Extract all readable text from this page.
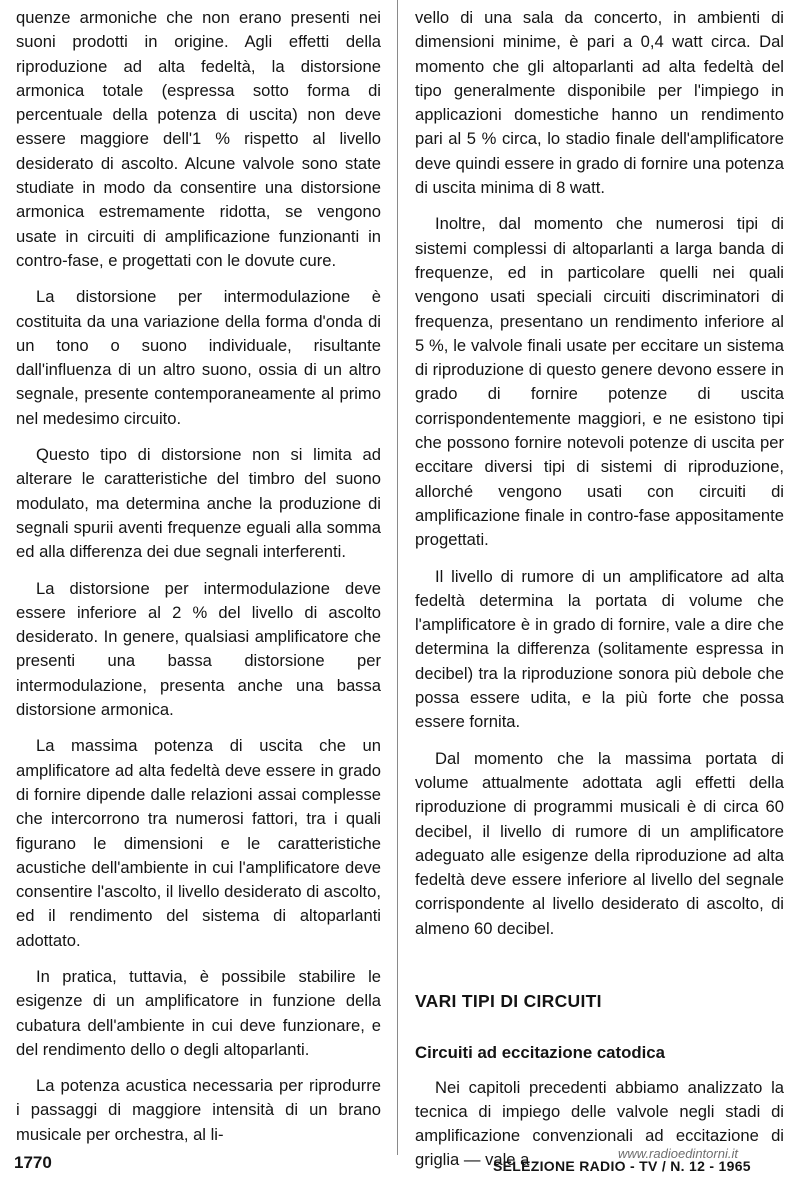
quenze armoniche che non erano presenti nei suoni prodotti in origine. Agli effetti della riproduzione ad alta fedeltà, la distorsione armonica totale (espressa sotto forma di percentuale della potenza di uscita) non deve essere maggiore dell'1 % rispetto al livello desiderato di ascolto. Alcune valvole sono state studiate in modo da consentire una distorsione armonica estremamente ridotta, se vengono usate in circuiti di amplificazione funzionanti in contro-fase, e progettati con le dovute cure.

La distorsione per intermodulazione è costituita da una variazione della forma d'onda di un tono o suono individuale, risultante dall'influenza di un altro suono, ossia di un altro segnale, presente contemporaneamente al primo nel medesimo circuito.

Questo tipo di distorsione non si limita ad alterare le caratteristiche del timbro del suono modulato, ma determina anche la produzione di segnali spurii aventi frequenze eguali alla somma ed alla differenza dei due segnali interferenti.

La distorsione per intermodulazione deve essere inferiore al 2 % del livello di ascolto desiderato. In genere, qualsiasi amplificatore che presenti una bassa distorsione per intermodulazione, presenta anche una bassa distorsione armonica.

La massima potenza di uscita che un amplificatore ad alta fedeltà deve essere in grado di fornire dipende dalle relazioni assai complesse che intercorrono tra numerosi fattori, tra i quali figurano le dimensioni e le caratteristiche acustiche dell'ambiente in cui l'amplificatore deve consentire l'ascolto, il livello desiderato di ascolto, ed il rendimento del sistema di altoparlanti adottato.

In pratica, tuttavia, è possibile stabilire le esigenze di un amplificatore in funzione della cubatura dell'ambiente in cui deve funzionare, e del rendimento dello o degli altoparlanti.

La potenza acustica necessaria per riprodurre i passaggi di maggiore intensità di un brano musicale per orchestra, al li-

vello di una sala da concerto, in ambienti di dimensioni minime, è pari a 0,4 watt circa. Dal momento che gli altoparlanti ad alta fedeltà del tipo generalmente disponibile per l'impiego in applicazioni domestiche hanno un rendimento pari al 5 % circa, lo stadio finale dell'amplificatore deve quindi essere in grado di fornire una potenza di uscita minima di 8 watt.

Inoltre, dal momento che numerosi tipi di sistemi complessi di altoparlanti a larga banda di frequenze, ed in particolare quelli nei quali vengono usati speciali circuiti discriminatori di frequenza, presentano un rendimento inferiore al 5 %, le valvole finali usate per eccitare un sistema di riproduzione di questo genere devono essere in grado di fornire potenze di uscita corrispondentemente maggiori, e ne esistono tipi che possono fornire notevoli potenze di uscita per eccitare diversi tipi di sistemi di riproduzione, allorché vengono usati con circuiti di amplificazione finale in contro-fase appositamente progettati.

Il livello di rumore di un amplificatore ad alta fedeltà determina la portata di volume che l'amplificatore è in grado di fornire, vale a dire che determina la differenza (solitamente espressa in decibel) tra la riproduzione sonora più debole che possa essere udita, e la più forte che possa essere fornita.

Dal momento che la massima portata di volume attualmente adottata agli effetti della riproduzione di programmi musicali è di circa 60 decibel, il livello di rumore di un amplificatore adeguato alle esigenze della riproduzione ad alta fedeltà deve essere inferiore al livello del segnale corrispondente al livello desiderato di ascolto, di almeno 60 decibel.

VARI TIPI DI CIRCUITI
Circuiti ad eccitazione catodica

Nei capitoli precedenti abbiamo analizzato la tecnica di impiego delle valvole negli stadi di amplificazione convenzionali ad eccitazione di griglia — vale a	www.radioedintorni.it
1770	SELEZIONE RADIO - TV / N. 12 - 1965
